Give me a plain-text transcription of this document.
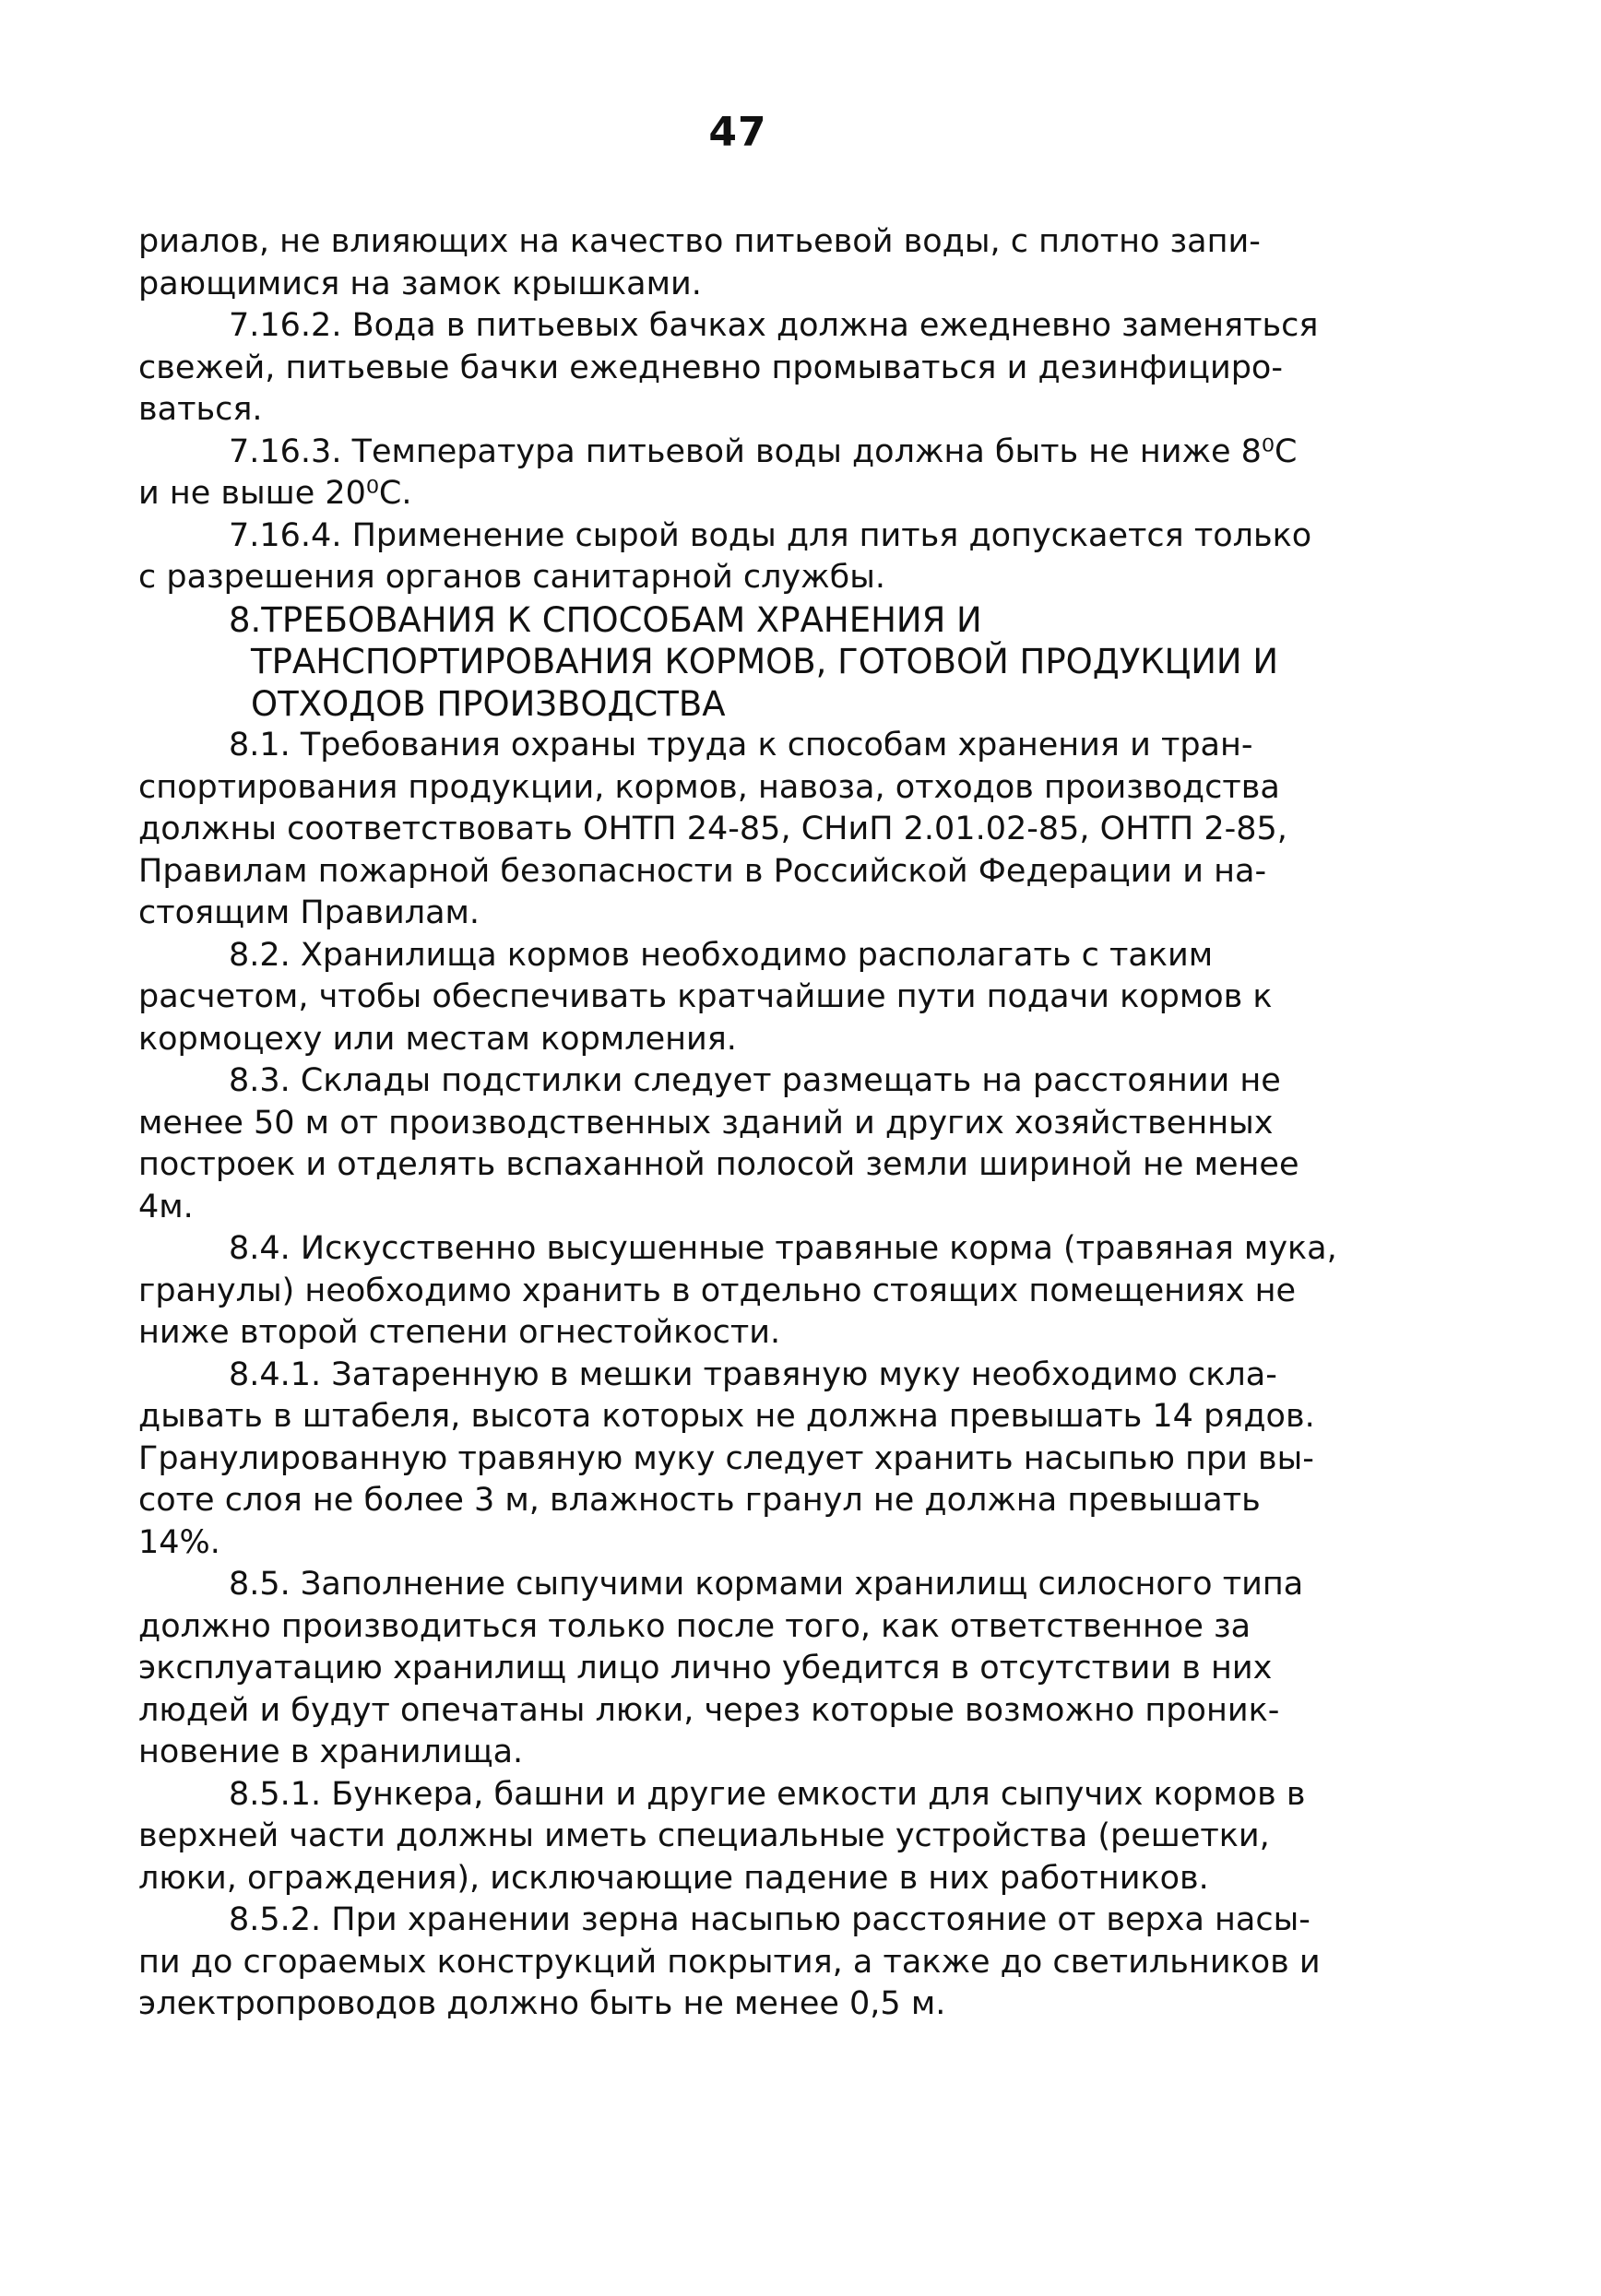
47
риалов, не влияющих на качество питьевой воды, с плотно запи-
рающимися на замок крышками.
7.16.2. Вода в питьевых бачках должна ежедневно заменяться
свежей, питьевые бачки ежедневно промываться и дезинфициро-
ваться.
7.16.3. Температура питьевой воды должна быть не ниже 8⁰С
и не выше 20⁰С.
7.16.4. Применение сырой воды для питья допускается только
с разрешения органов санитарной службы.
8.ТРЕБОВАНИЯ К СПОСОБАМ ХРАНЕНИЯ И
ТРАНСПОРТИРОВАНИЯ КОРМОВ, ГОТОВОЙ ПРОДУКЦИИ И
ОТХОДОВ ПРОИЗВОДСТВА
8.1. Требования охраны труда к способам хранения и тран-
спортирования продукции, кормов, навоза, отходов производства
должны соответствовать ОНТП 24-85, СНиП 2.01.02-85, ОНТП 2-85,
Правилам пожарной безопасности в Российской Федерации и на-
стоящим Правилам.
8.2. Хранилища кормов необходимо располагать с таким
расчетом, чтобы обеспечивать кратчайшие пути подачи кормов к
кормоцеху или местам кормления.
8.3. Склады подстилки следует размещать на расстоянии не
менее 50 м от производственных зданий и других хозяйственных
построек и отделять вспаханной полосой земли шириной не менее
4м.
8.4. Искусственно высушенные травяные корма (травяная мука,
гранулы) необходимо хранить в отдельно стоящих помещениях не
ниже второй степени огнестойкости.
8.4.1. Затаренную в мешки травяную муку необходимо скла-
дывать в штабеля, высота которых не должна превышать 14 рядов.
Гранулированную травяную муку следует хранить насыпью при вы-
соте слоя не более 3 м, влажность гранул не должна превышать
14%.
8.5. Заполнение сыпучими кормами хранилищ силосного типа
должно производиться только после того, как ответственное за
эксплуатацию хранилищ лицо лично убедится в отсутствии в них
людей и будут опечатаны люки, через которые возможно проник-
новение в хранилища.
8.5.1. Бункера, башни и другие емкости для сыпучих кормов в
верхней части должны иметь специальные устройства (решетки,
люки, ограждения), исключающие падение в них работников.
8.5.2. При хранении зерна насыпью расстояние от верха насы-
пи до сгораемых конструкций покрытия, а также до светильников и
электропроводов должно быть не менее 0,5 м.
